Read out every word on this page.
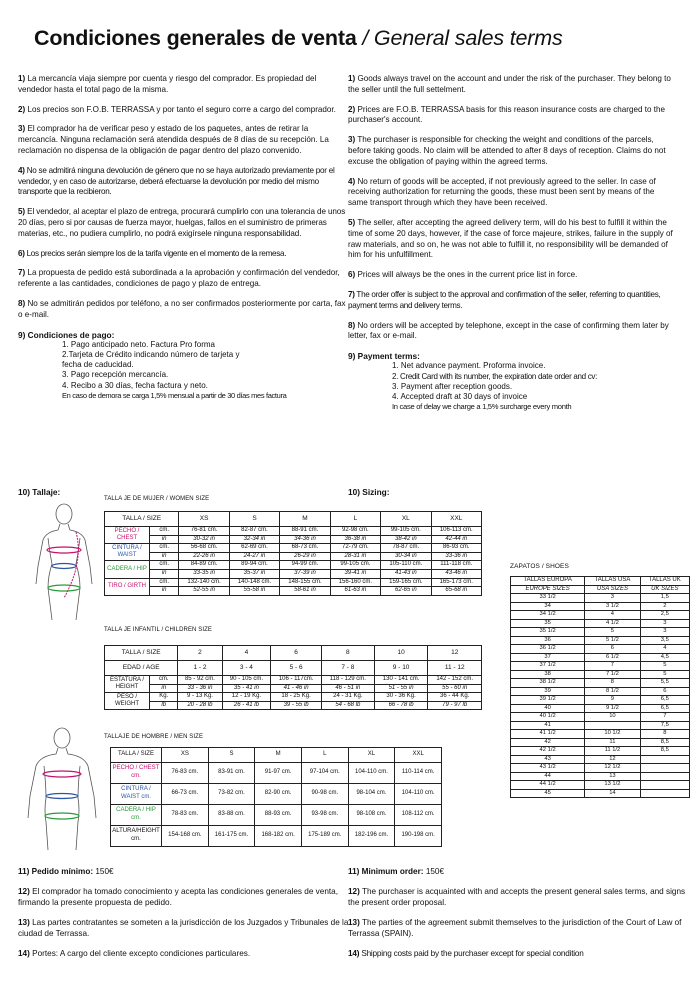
Condiciones generales de venta / General sales terms

1) La mercancía viaja siempre por cuenta y riesgo del comprador. Es propiedad del vendedor hasta el total pago de la misma.

2) Los precios son F.O.B. TERRASSA y por tanto el seguro corre a cargo del comprador.

3) El comprador ha de verificar peso y estado de los paquetes, antes de retirar la mercancía. Ninguna reclamación será atendida después de 8 días de su recepción. La reclamación no dispensa de la obligación de pagar dentro del plazo convenido.

4) No se admitirá ninguna devolución de género que no se haya autorizado previamente por el vendedor, y en caso de autorizarse, deberá efectuarse la devolución por medio del mismo transporte que la recibieron.

5) El vendedor, al aceptar el plazo de entrega, procurará cumplirlo con una tolerancia de unos 20 días, pero si por causas de fuerza mayor, huelgas, fallos en el suministro de primeras materias, etc., no pudiera cumplirlo, no podrá exigírsele ninguna responsabilidad.

6) Los precios serán siempre los de la tarifa vigente en el momento de la remesa.

7) La propuesta de pedido está subordinada a la aprobación y confirmación del vendedor, referente a las cantidades, condiciones de pago y plazo de entrega.

8) No se admitirán pedidos por teléfono, a no ser confirmados posteriormente por carta, fax o e-mail.

9) Condiciones de pago:
1. Pago anticipado neto. Factura Pro forma
2.Tarjeta de Crédito indicando número de tarjeta y
fecha de caducidad.
3. Pago recepción mercancía.
4. Recibo a 30 días, fecha factura y neto.
En caso de demora se carga 1,5% mensual a partir de 30 días mes factura

1) Goods always travel on the account and under the risk of the purchaser. They belong to the seller until the full settelment.

2) Prices are F.O.B. TERRASSA basis for this reason insurance costs are charged to the purchaser's account.

3) The purchaser is responsible for checking the weight and conditions of the parcels, before taking goods. No claim will be attended to after 8 days of reception. Claims do not excuse the obligation of paying within the agreed terms.

4) No return of goods will be accepted, if not previously agreed to the seller. In case of receiving authorization for returning the goods, these must been sent by means of the same transport through which they have been received.

5) The seller, after accepting the agreed delivery term, will do his best to fulfill it within the time of some 20 days, however, if the case of force majeure, strikes, failure in the supply of raw materials, and so on, he was not able to fulfill it, no responsibility will be demanded of him for his unfulfillment.

6) Prices will always be the ones in the current price list in force.

7) The order offer is subject to the approval and confirmation of the seller, referring to quantities, payment terms and delivery terms.

8) No orders will be accepted by telephone, except in the case of confirming them later by letter, fax or e-mail.

9) Payment terms:
1. Net advance payment. Proforma invoice.
2. Credit Card with its number, the expiration date order and cv:
3. Payment after reception goods.
4. Accepted draft at 30 days of invoice
In case of delay we charge a 1,5% surcharge every month
10) Tallaje:	10) Sizing:
TALLA JE DE MUJER / WOMEN SIZE
TALLA / SIZE		XS	S	M	L	XL	XXL
PECHO / CHEST	cm.	76-81 cm.	82-87 cm.	88-91 cm.	92-98 cm.	99-105 cm.	106-113 cm.
	in	30-32 in	32-34 in	34-36 in	36-38 in	38-42 in	42-44 in
CINTURA / WAIST	cm.	56-68 cm.	62-69 cm.	68-73 cm.	72-79 cm.	78-87 cm.	86-93 cm.
	in	22-26 in	24-27 in	26-29 in	28-31 in	30-34 in	33-36 in
CADERA / HIP	cm.	84-89 cm.	89-94 cm.	94-99 cm.	99-105 cm.	105-110 cm.	111-118 cm.
	in	33-35 in	35-37 in	37-39 in	39-41 in	41-43 in	43-46 in
TIRO / GIRTH	cm.	132-140 cm.	140-148 cm.	148-155 cm.	156-160 cm.	159-165 cm.	165-173 cm.
	in	52-55 in	55-58 in	58-61 in	61-63 in	62-65 in	65-68 in
TALLA JE INFANTIL / CHILDREN SIZE
TALLA / SIZE		2	4	6	8	10	12
EDAD / AGE		1 - 2	3 - 4	5 - 6	7 - 8	9 - 10	11 - 12
ESTATURA / HEIGHT	cm.	85 - 92 cm.	90 - 105 cm.	106 - 117cm.	118 - 129 cm.	130 - 141 cm.	142 - 152 cm.
	in	33 - 36 in	35 - 41 in	41 - 46 in	46 - 51 in	51 - 55 in	55 - 60 in
PESO / WEIGHT	Kg.	9 - 13 Kg.	12 - 19 Kg.	18 - 25 Kg.	24 - 31 Kg.	30 - 36 Kg.	36 - 44 Kg.
	lb	20 - 28 lb	26 - 41 lb	39 - 55 lb	54 - 68 lb	66 - 78 lb	79 - 97 lb
TALLAJE DE HOMBRE / MEN SIZE
TALLA / SIZE	XS	S	M	L	XL	XXL
PECHO / CHEST cm.	76-83 cm.	83-91 cm.	91-97 cm.	97-104 cm.	104-110 cm.	110-114 cm.
CINTURA / WAIST cm.	66-73 cm.	73-82 cm.	82-90 cm.	90-98 cm.	98-104 cm.	104-110 cm.
CADERA / HIP cm.	78-83 cm.	83-88 cm.	88-93 cm.	93-98 cm.	98-108 cm.	108-112 cm.
ALTURA/HEIGHT cm.	154-168 cm.	161-175 cm.	168-182 cm.	175-189 cm.	182-196 cm.	190-198 cm.
ZAPATOS / SHOES
TALLAS EUROPA	TALLAS USA	TALLAS UK
EUROPE SIZES	USA SIZES	UK SIZES
33 1/2	3	1,5
34	3 1/2	2
34 1/2	4	2,5
35	4 1/2	3
35 1/2	5	3
36	5 1/2	3,5
36 1/2	6	4
37	6 1/2	4,5
37 1/2	7	5
38	7 1/2	5
38 1/2	8	5,5
39	8 1/2	6
39 1/2	9	6,5
40	9 1/2	6,5
40 1/2	10	7
41		7,5
41 1/2	10 1/2	8
42	11	8,5
42 1/2	11 1/2	8,5
43	12	
43 1/2	12 1/2	
44	13	
44 1/2	13 1/2	
45	14	

11) Pedido mínimo: 150€

12) El comprador ha tomado conocimiento y acepta las condiciones generales de venta, firmando la presente propuesta de pedido.

13) Las partes contratantes se someten a la jurisdicción de los Juzgados y Tribunales de la ciudad de Terrassa.

14) Portes: A cargo del cliente excepto condiciones particulares.

11) Minimum order: 150€

12) The purchaser is acquainted with and accepts the present general sales terms, and signs the present order proposal.

13) The parties of the agreement submit themselves to the jurisdiction of the Court of Law of Terrassa (SPAIN).

14) Shipping costs paid by the purchaser except for special condition
